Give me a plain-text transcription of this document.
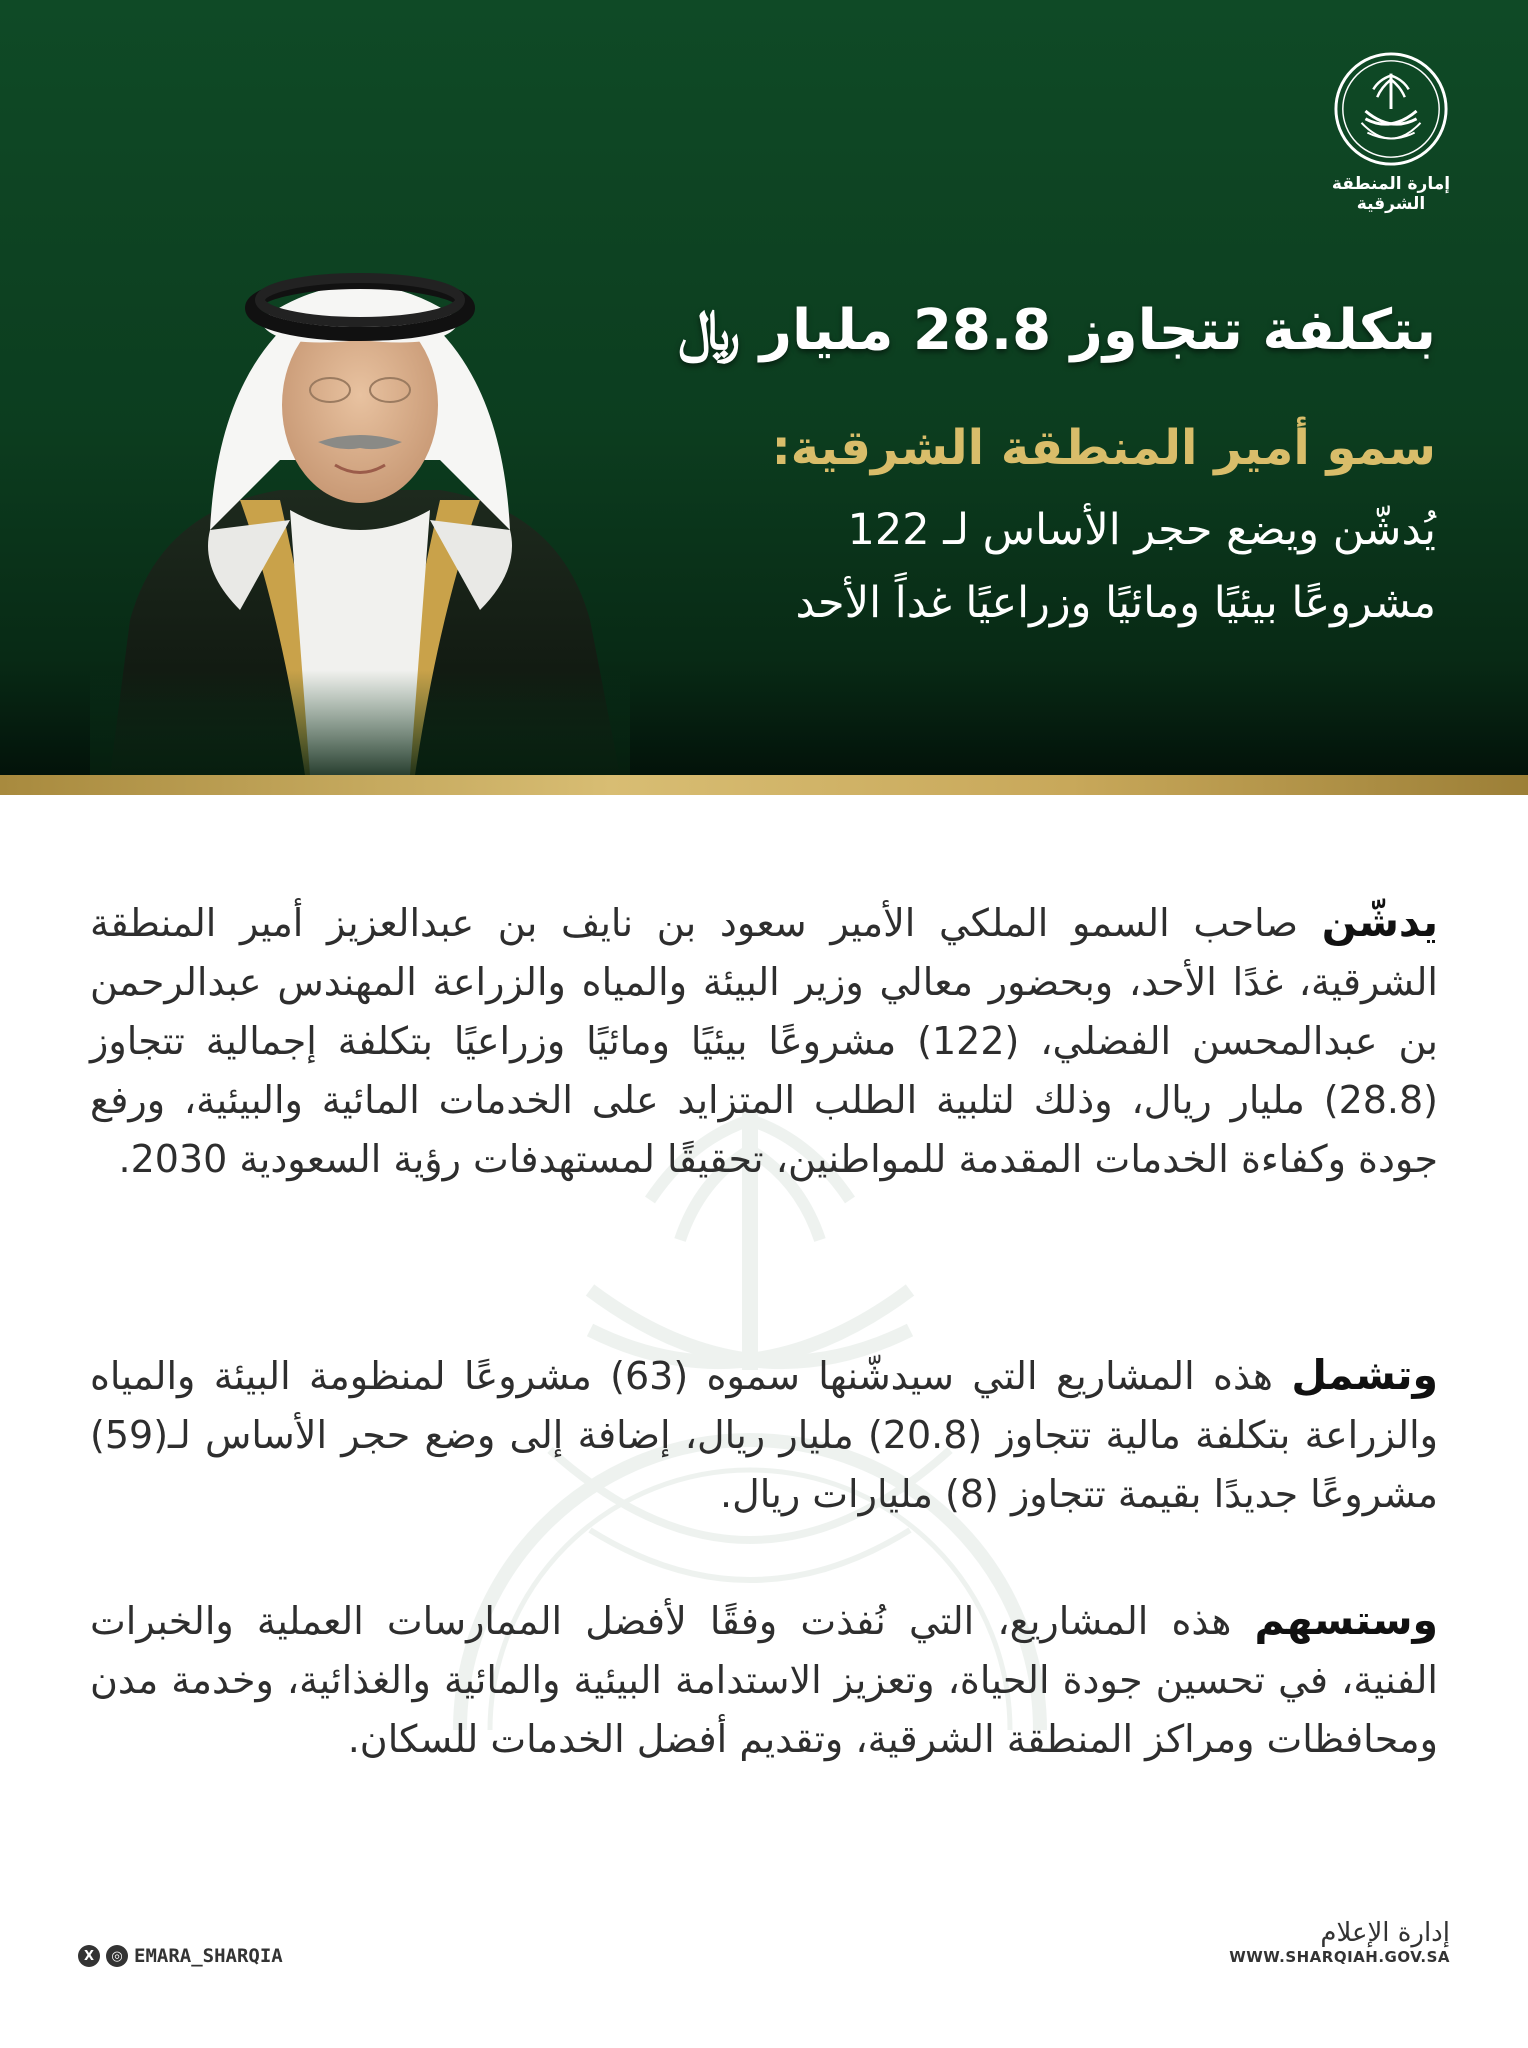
إمارة المنطقة الشرقية
بتكلفة تتجاوز 28.8 مليار ﷼
سمو أمير المنطقة الشرقية:
يُدشّن ويضع حجر الأساس لـ 122
مشروعًا بيئيًا ومائيًا وزراعيًا غداً الأحد
يدشّن صاحب السمو الملكي الأمير سعود بن نايف بن عبدالعزيز أمير المنطقة الشرقية، غدًا الأحد، وبحضور معالي وزير البيئة والمياه والزراعة المهندس عبدالرحمن بن عبدالمحسن الفضلي، (122) مشروعًا بيئيًا ومائيًا وزراعيًا بتكلفة إجمالية تتجاوز (28.8) مليار ريال، وذلك لتلبية الطلب المتزايد على الخدمات المائية والبيئية، ورفع جودة وكفاءة الخدمات المقدمة للمواطنين، تحقيقًا لمستهدفات رؤية السعودية 2030.
وتشمل هذه المشاريع التي سيدشّنها سموه (63) مشروعًا لمنظومة البيئة والمياه والزراعة بتكلفة مالية تتجاوز (20.8) مليار ريال، إضافة إلى وضع حجر الأساس لـ(59) مشروعًا جديدًا بقيمة تتجاوز (8) مليارات ريال.
وستسهم هذه المشاريع، التي نُفذت وفقًا لأفضل الممارسات العملية والخبرات الفنية، في تحسين جودة الحياة، وتعزيز الاستدامة البيئية والمائية والغذائية، وخدمة مدن ومحافظات ومراكز المنطقة الشرقية، وتقديم أفضل الخدمات للسكان.
X	◎ EMARA_SHARQIA
إدارة الإعلام
WWW.SHARQIAH.GOV.SA
